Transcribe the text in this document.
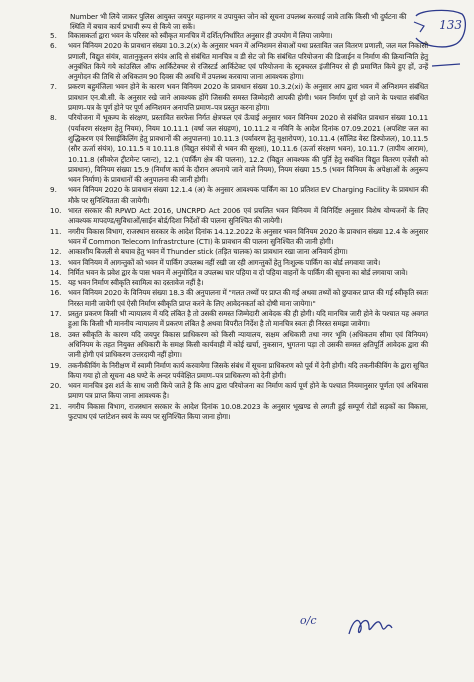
133
Number भी लिये जाकर पुलिस आयुक्त जयपुर महानगर व उपायुक्त जोन को सूचना उपलब्ध करवाई जावे ताकि किसी भी दुर्घटना की स्थिति में बचाव कार्य प्रभावी रूप से किये जा सकें।
5.	विकासकर्ता द्वारा भवन के परिसर को स्वीकृत मानचित्र में दर्शित/निर्धारित अनुसार ही उपयोग में लिया जायेगा।
6.	भवन विनियम 2020 के प्रावधान संख्या 10.3.2(x) के अनुसार भवन में अग्निशमन सेवाओं यथा प्रस्तावित जल वितरण प्रणाली, जल मल निकासी प्रणाली, विद्युत संयंत्र, वातानुकूलन संयंत्र आदि से संबंधित मानचित्र व डी सेट जो कि संबंधित परियोजना की डिजाईन व निर्माण की क्रियान्विति हेतु अनुबंधित किये गये कांउसिल ऑफ आर्किटेक्चर से रजिस्टर्ड आर्किटेक्ट एवं परियोजना के स्ट्रक्चरल इंजीनियर से ही प्रमाणित किये हुए हों, उन्हें अनुमोदन की तिथि से अधिकतम 90 दिवस की अवधि में उपलब्ध करवाया जाना आवश्यक होगा।
7.	प्रकरण बहुमंजिला भवन होने के कारण भवन विनियम 2020 के प्रावधान संख्या 10.3.2(xi) के अनुसार आप द्वारा भवन में अग्निशमन संबंधित प्रावधान एन.बी.सी. के अनुसार रखे जाने आवश्यक होंगे जिसकी समस्त जिम्मेदारी आपकी होगी। भवन निर्माण पूर्ण हो जाने के पश्चात संबंधित प्रमाण–पत्र के पूर्ण होने पर पूर्ण अग्निशमन अनापत्ति प्रमाण–पत्र प्रस्तुत करना होगा।
8.	परियोजना में भूकम्प के संरक्षण, प्रस्तावित सरफेस निर्गत क्षेत्रफल एवं ऊँचाई अनुसार भवन विनियम 2020 से संबंधित प्रावधान संख्या 10.11 (पर्यावरण संरक्षण हेतु नियम), नियम 10.11.1 (वर्षा जल संग्रहण), 10.11.2 व नविनि के आदेश दिनांक 07.09.2021 (अपशिष्ट जल का शुद्धिकरण एवं रिसाईकिलिंग हेतु प्रावधानों की अनुपालना) 10.11.3 (पर्यावरण हेतु वृक्षारोपण), 10.11.4 (सॉलिड वेस्ट डिस्पोजल), 10.11.5 (सौर ऊर्जा संयंत्र), 10.11.5 व 10.11.8 (विद्युत संयंत्रों से भवन की सुरक्षा), 10.11.6 (ऊर्जा संरक्षण भवन), 10.11.7 (तापीय आराम), 10.11.8 (सीवरेज ट्रीटमेन्ट प्लान्ट), 12.1 (पार्किंग क्षेत्र की पालना), 12.2 (विद्युत आवश्यक की पूर्ति हेतु सबंधित विद्युत वितरण एजेंसी को प्रावधान), विनियम संख्या 15.9 (निर्माण कार्य के दौरान अपनाये जाने वाले नियम), नियम संख्या 15.5 (भवन विनियम के अपेक्षाओं के अनुरूप भवन निर्माण) के प्रावधानों की अनुपालना की जानी होगी।
9.	भवन विनियम 2020 के प्रावधान संख्या 12.1.4 (अ) के अनुसार आवश्यक पार्किंग का 10 प्रतिशत EV Charging Facility के प्रावधान की मौके पर सुनिश्चितता की जायेगी।
10. भारत सरकार की RPWD Act 2016, UNCRPD Act 2006 एवं प्रचलित भवन विनियम में विनिर्दिष्ट अनुसार विशेष योग्यजनों के लिए आवश्यक मापदण्ड/सुविधाओं/साईन बोर्ड/दिशा निर्देशों की पालना सुनिश्चित की जायेगी।
11. नगरीय विकास विभाग, राजस्थान सरकार के आदेश दिनांक 14.12.2022 के अनुसार भवन विनियम 2020 के प्रावधान संख्या 12.4 के अनुसार भवन में Common Telecom Infrastrcture (CTI) के प्रावधान की पालना सुनिश्चित की जानी होगी।
12. आकाशीय बिजली से बचाव हेतु भवन में Thunder stick (तड़ित चालक) का प्रावधान रखा जाना अनिवार्य होगा।
13. भवन विनियम में आगन्तुकों को भवन में पार्किंग उपलब्ध नहीं रखी जा रही आगन्तुकों हेतु निःशुल्क पार्किंग का बोर्ड लगवाया जाये।
14. निर्मित भवन के प्रवेश द्वार के पास भवन में अनुमोदित व उपलब्ध चार पहिया व दो पहिया वाहनों के पार्किंग की सूचना का बोर्ड लगवाया जावे।
15. यह भवन निर्माण स्वीकृति स्वामित्व का दस्तावेज नहीं है।
16. भवन विनियम 2020 के विनियम संख्या 18.3 की अनुपालना में "गलत तथ्यों पर प्राप्त की गई अथवा तथ्यों को छुपाकर प्राप्त की गई स्वीकृति स्वतः निरस्त मानी जायेगी एवं ऐसी निर्माण स्वीकृति प्राप्त करने के लिए आवेदनकर्ता को दोषी माना जायेगा।"
17. प्रस्तुत प्रकरण किसी भी न्यायालय में यदि लंबित है तो उसकी समस्त जिम्मेदारी आवेदक की ही होगी। यदि मानचित्र जारी होने के पश्चात यह अवगत हुआ कि किसी भी माननीय न्यायालय में प्रकरण लंबित है अथवा विपरीत निर्देश है तो मानचित्र स्वतः ही निरस्त समझा जावेगा।
18. उक्त स्वीकृति के कारण यदि जयपुर विकास प्राधिकरण को किसी न्यायालय, सक्षम अधिकारी तथा नगर भूमि (अधिकतम सीमा एवं विनियम) अधिनियम के तहत नियुक्त अधिकारी के समक्ष किसी कार्यवाही में कोई खर्चा, नुकसान, भुगतना पड़ा तो उसकी समस्त क्षतिपूर्ति आवेदक द्वारा की जानी होगी एवं प्राधिकरण उत्तरदायी नहीं होगा।
19. तकनीकीविंग के निरीक्षण में स्वामी निर्माण कार्य करवायेगा जिसके संबंध में सूचना प्राधिकरण को पूर्व में देनी होगी। यदि तकनीकीविंग के द्वारा सूचित किया गया हो तो सूचना 48 घण्टे के अन्दर पर्यवेक्षित प्रमाण–पत्र प्राधिकरण को देनी होगी।
20. भवन मानचित्र इस शर्त के साथ जारी किये जाते है कि आप द्वारा परियोजना का निर्माण कार्य पूर्ण होने के पश्चात नियमानुसार पूर्णता एवं अधिवास प्रमाण पत्र प्राप्त किया जाना आवश्यक है।
21. नगरीय विकास विभाग, राजस्थान सरकार के आदेश दिनांक 10.08.2023 के अनुसार भूखण्ड से लगती हुई सम्पूर्ण रोडों सड़कों का विकास, फुटपाथ एवं प्लांटेशन स्वयं के व्यय पर सुनिश्चित किया जाना होगा।
o/c
